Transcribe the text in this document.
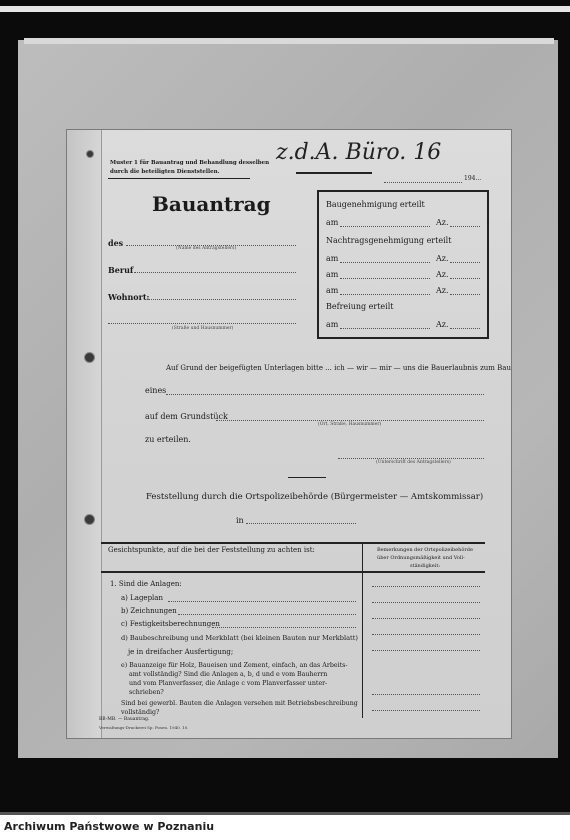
Muster 1 für Bauantrag und Behandlung desselben
durch die beteiligten Dienststellen.
z.d.A. Büro. 16
194...
Bauantrag	Baugenehmigung erteilt
am	Az.
Nachtragsgenehmigung erteilt
am	Az.
am	Az.
am	Az.
Befreiung erteilt
am	Az.
des
(Name des Antragstellers)
Beruf
Wohnort:
(Straße und Hausnummer)
Auf Grund der beigefügten Unterlagen bitte ... ich — wir — mir — uns die Bauerlaubnis zum Bau
eines
auf dem Grundstück
(Ort, Straße, Hausnummer)
zu erteilen.
(Unterschrift des Antragstellers)
Feststellung durch die Ortspolizeibehörde (Bürgermeister — Amtskommissar)
in
Gesichtspunkte, auf die bei der Feststellung zu achten ist:	Bemerkungen der Ortspolizeibehörde
über Ordnungsmäßigkeit und Voll-
ständigkeit:
1. Sind die Anlagen:
a) Lageplan
b) Zeichnungen
c) Festigkeitsberechnungen
d) Baubeschreibung und Merkblatt (bei kleinen Bauten nur Merkblatt)
je in dreifacher Ausfertigung;
e) Bauanzeige für Holz, Baueisen und Zement, einfach, an das Arbeits-
amt vollständig? Sind die Anlagen a, b, d und e vom Bauherrn
und vom Planverfasser, die Anlage c vom Planverfasser unter-
schrieben?
Sind bei gewerbl. Bauten die Anlagen versehen mit Betriebsbeschreibung
vollständig?
BB-MB. — Bauantrag.
Verwaltungs-Druckerei Sp. Posen. 1940. 10.
Archiwum Państwowe w Poznaniu
